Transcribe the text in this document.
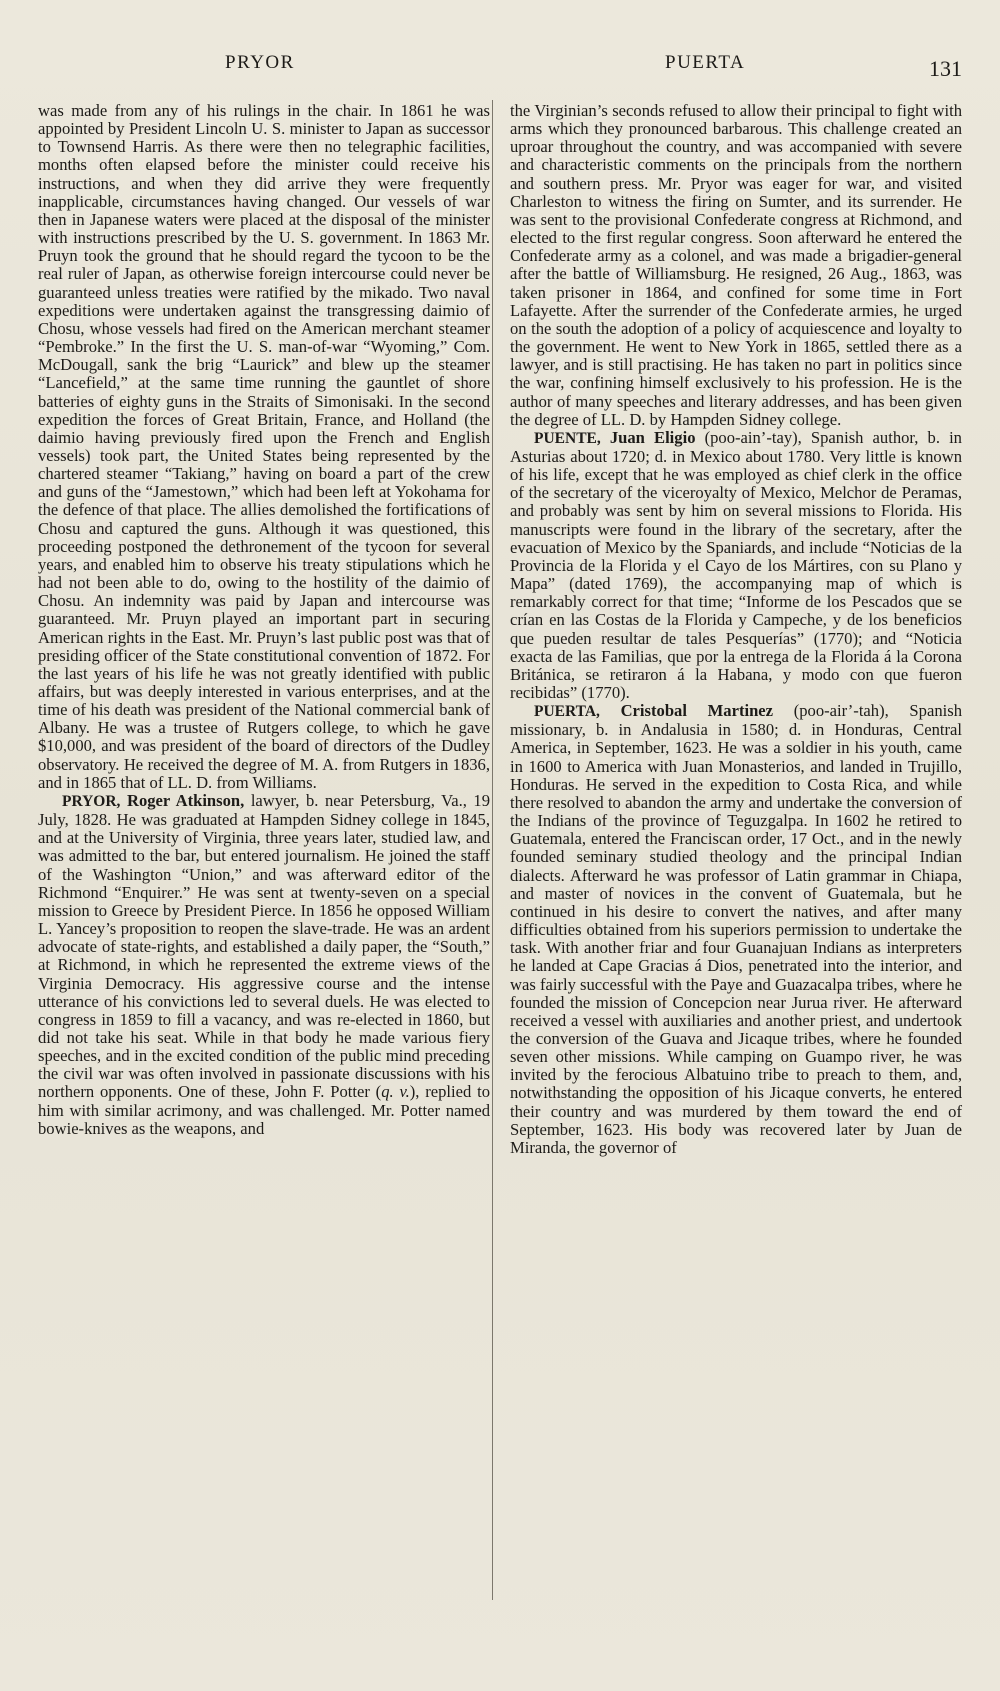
PRYOR	PUERTA	131

was made from any of his rulings in the chair. In 1861 he was appointed by President Lincoln U. S. minister to Japan as successor to Townsend Harris. As there were then no telegraphic facilities, months often elapsed before the minister could receive his instructions, and when they did arrive they were frequently inapplicable, circumstances having changed. Our vessels of war then in Japanese waters were placed at the disposal of the minister with instructions prescribed by the U. S. government. In 1863 Mr. Pruyn took the ground that he should regard the tycoon to be the real ruler of Japan, as otherwise foreign intercourse could never be guaranteed unless treaties were ratified by the mikado. Two naval expeditions were undertaken against the transgressing daimio of Chosu, whose vessels had fired on the American merchant steamer “Pembroke.” In the first the U. S. man-of-war “Wyoming,” Com. McDougall, sank the brig “Laurick” and blew up the steamer “Lancefield,” at the same time running the gauntlet of shore batteries of eighty guns in the Straits of Simonisaki. In the second expedition the forces of Great Britain, France, and Holland (the daimio having previously fired upon the French and English vessels) took part, the United States being represented by the chartered steamer “Takiang,” having on board a part of the crew and guns of the “Jamestown,” which had been left at Yokohama for the defence of that place. The allies demolished the fortifications of Chosu and captured the guns. Although it was questioned, this proceeding postponed the dethronement of the tycoon for several years, and enabled him to observe his treaty stipulations which he had not been able to do, owing to the hostility of the daimio of Chosu. An indemnity was paid by Japan and intercourse was guaranteed. Mr. Pruyn played an important part in securing American rights in the East. Mr. Pruyn’s last public post was that of presiding officer of the State constitutional convention of 1872. For the last years of his life he was not greatly identified with public affairs, but was deeply interested in various enterprises, and at the time of his death was president of the National commercial bank of Albany. He was a trustee of Rutgers college, to which he gave $10,000, and was president of the board of directors of the Dudley observatory. He received the degree of M. A. from Rutgers in 1836, and in 1865 that of LL. D. from Williams.

PRYOR, Roger Atkinson, lawyer, b. near Petersburg, Va., 19 July, 1828. He was graduated at Hampden Sidney college in 1845, and at the University of Virginia, three years later, studied law, and was admitted to the bar, but entered journalism. He joined the staff of the Washington “Union,” and was afterward editor of the Richmond “Enquirer.” He was sent at twenty-seven on a special mission to Greece by President Pierce. In 1856 he opposed William L. Yancey’s proposition to reopen the slave-trade. He was an ardent advocate of state-rights, and established a daily paper, the “South,” at Richmond, in which he represented the extreme views of the Virginia Democracy. His aggressive course and the intense utterance of his convictions led to several duels. He was elected to congress in 1859 to fill a vacancy, and was re-elected in 1860, but did not take his seat. While in that body he made various fiery speeches, and in the excited condition of the public mind preceding the civil war was often involved in passionate discussions with his northern opponents. One of these, John F. Potter (q. v.), replied to him with similar acrimony, and was challenged. Mr. Potter named bowie-knives as the weapons, and

the Virginian’s seconds refused to allow their principal to fight with arms which they pronounced barbarous. This challenge created an uproar throughout the country, and was accompanied with severe and characteristic comments on the principals from the northern and southern press. Mr. Pryor was eager for war, and visited Charleston to witness the firing on Sumter, and its surrender. He was sent to the provisional Confederate congress at Richmond, and elected to the first regular congress. Soon afterward he entered the Confederate army as a colonel, and was made a brigadier-general after the battle of Williamsburg. He resigned, 26 Aug., 1863, was taken prisoner in 1864, and confined for some time in Fort Lafayette. After the surrender of the Confederate armies, he urged on the south the adoption of a policy of acquiescence and loyalty to the government. He went to New York in 1865, settled there as a lawyer, and is still practising. He has taken no part in politics since the war, confining himself exclusively to his profession. He is the author of many speeches and literary addresses, and has been given the degree of LL. D. by Hampden Sidney college.

PUENTE, Juan Eligio (poo-ain’-tay), Spanish author, b. in Asturias about 1720; d. in Mexico about 1780. Very little is known of his life, except that he was employed as chief clerk in the office of the secretary of the viceroyalty of Mexico, Melchor de Peramas, and probably was sent by him on several missions to Florida. His manuscripts were found in the library of the secretary, after the evacuation of Mexico by the Spaniards, and include “Noticias de la Provincia de la Florida y el Cayo de los Mártires, con su Plano y Mapa” (dated 1769), the accompanying map of which is remarkably correct for that time; “Informe de los Pescados que se crían en las Costas de la Florida y Campeche, y de los beneficios que pueden resultar de tales Pesquerías” (1770); and “Noticia exacta de las Familias, que por la entrega de la Florida á la Corona Británica, se retiraron á la Habana, y modo con que fueron recibidas” (1770).

PUERTA, Cristobal Martinez (poo-air’-tah), Spanish missionary, b. in Andalusia in 1580; d. in Honduras, Central America, in September, 1623. He was a soldier in his youth, came in 1600 to America with Juan Monasterios, and landed in Trujillo, Honduras. He served in the expedition to Costa Rica, and while there resolved to abandon the army and undertake the conversion of the Indians of the province of Teguzgalpa. In 1602 he retired to Guatemala, entered the Franciscan order, 17 Oct., and in the newly founded seminary studied theology and the principal Indian dialects. Afterward he was professor of Latin grammar in Chiapa, and master of novices in the convent of Guatemala, but he continued in his desire to convert the natives, and after many difficulties obtained from his superiors permission to undertake the task. With another friar and four Guanajuan Indians as interpreters he landed at Cape Gracias á Dios, penetrated into the interior, and was fairly successful with the Paye and Guazacalpa tribes, where he founded the mission of Concepcion near Jurua river. He afterward received a vessel with auxiliaries and another priest, and undertook the conversion of the Guava and Jicaque tribes, where he founded seven other missions. While camping on Guampo river, he was invited by the ferocious Albatuino tribe to preach to them, and, notwithstanding the opposition of his Jicaque converts, he entered their country and was murdered by them toward the end of September, 1623. His body was recovered later by Juan de Miranda, the governor of
